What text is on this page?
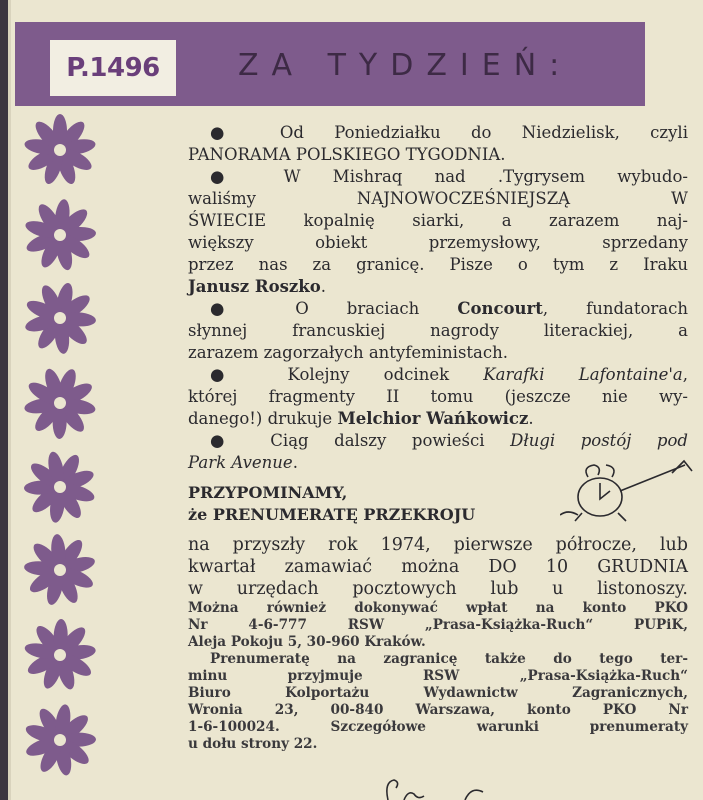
P.1496	ZA TYDZIEŃ:
● Od Poniedziałku do Niedzielisk, czyli
PANORAMA POLSKIEGO TYGODNIA.
● W Mishraq nad .Tygrysem wybudo-
waliśmy NAJNOWOCZEŚNIEJSZĄ W
ŚWIECIE kopalnię siarki, a zarazem naj-
większy obiekt przemysłowy, sprzedany
przez nas za granicę. Pisze o tym z Iraku
Janusz Roszko.
● O braciach Concourt, fundatorach
słynnej francuskiej nagrody literackiej, a
zarazem zagorzałych antyfeministach.
● Kolejny odcinek Karafki Lafontaine'a,
której fragmenty II tomu (jeszcze nie wy-
danego!) drukuje Melchior Wańkowicz.
● Ciąg dalszy powieści Długi postój pod
Park Avenue.
PRZYPOMINAMY,
że PRENUMERATĘ PRZEKROJU
na przyszły rok 1974, pierwsze półrocze, lub
kwartał zamawiać można DO 10 GRUDNIA
w urzędach pocztowych lub u listonoszy.
Można również dokonywać wpłat na konto PKO
Nr 4-6-777 RSW „Prasa-Książka-Ruch“ PUPiK,
Aleja Pokoju 5, 30-960 Kraków.
Prenumeratę na zagranicę także do tego ter-
minu przyjmuje RSW „Prasa-Książka-Ruch“
Biuro Kolportażu Wydawnictw Zagranicznych,
Wronia 23, 00-840 Warszawa, konto PKO Nr
1-6-100024. Szczegółowe warunki prenumeraty
u dołu strony 22.
